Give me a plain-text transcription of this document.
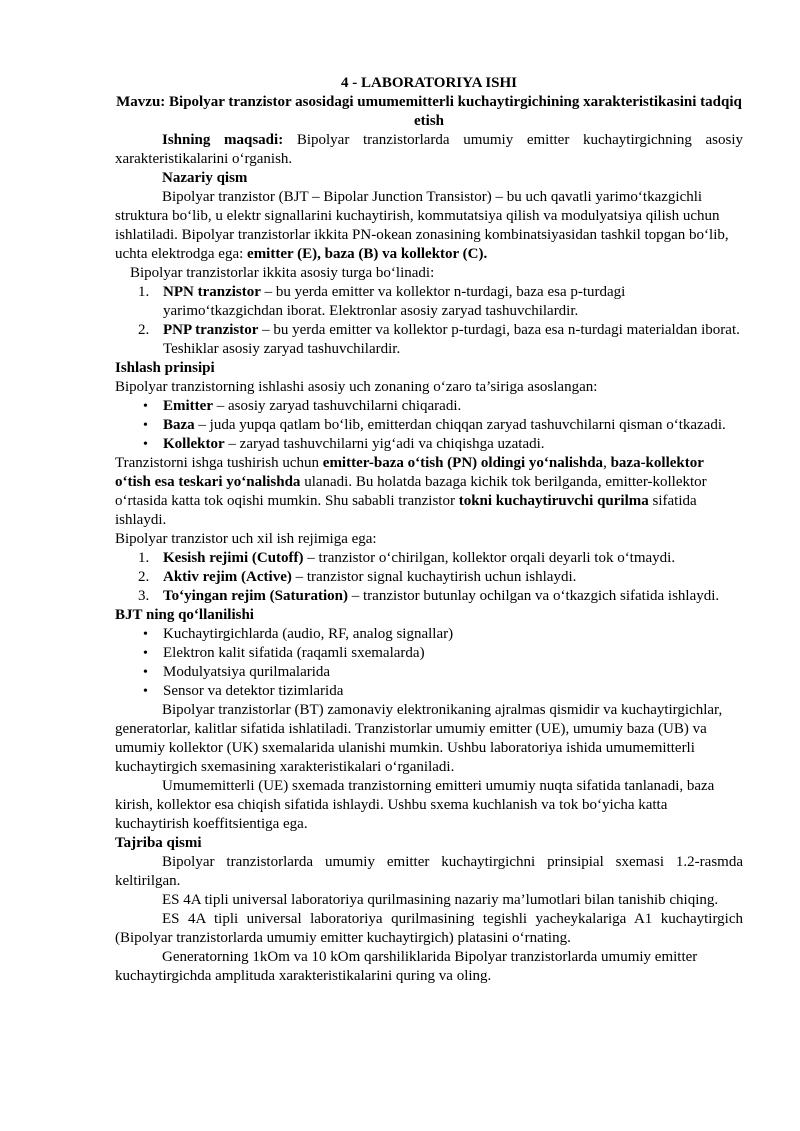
4 - LABORATORIYA ISHI

Mavzu: Bipolyar tranzistor asosidagi umumemitterli kuchaytirgichining xarakteristikasini tadqiq etish

Ishning maqsadi: Bipolyar tranzistorlarda umumiy emitter kuchaytirgichning asosiy xarakteristikalarini o‘rganish.

Nazariy qism

Bipolyar tranzistor (BJT – Bipolar Junction Transistor) – bu uch qavatli yarimo‘tkazgichli struktura bo‘lib, u elektr signallarini kuchaytirish, kommutatsiya qilish va modulyatsiya qilish uchun ishlatiladi. Bipolyar tranzistorlar ikkita PN-okean zonasining kombinatsiyasidan tashkil topgan bo‘lib, uchta elektrodga ega: emitter (E), baza (B) va kollektor (C).

Bipolyar tranzistorlar ikkita asosiy turga bo‘linadi:

1. NPN tranzistor – bu yerda emitter va kollektor n-turdagi, baza esa p-turdagi yarimo‘tkazgichdan iborat. Elektronlar asosiy zaryad tashuvchilardir.
2. PNP tranzistor – bu yerda emitter va kollektor p-turdagi, baza esa n-turdagi materialdan iborat. Teshiklar asosiy zaryad tashuvchilardir.

Ishlash prinsipi

Bipolyar tranzistorning ishlashi asosiy uch zonaning o‘zaro ta’siriga asoslangan:

• Emitter – asosiy zaryad tashuvchilarni chiqaradi.
• Baza – juda yupqa qatlam bo‘lib, emitterdan chiqqan zaryad tashuvchilarni qisman o‘tkazadi.
• Kollektor – zaryad tashuvchilarni yig‘adi va chiqishga uzatadi.

Tranzistorni ishga tushirish uchun emitter-baza o‘tish (PN) oldingi yo‘nalishda, baza-kollektor o‘tish esa teskari yo‘nalishda ulanadi. Bu holatda bazaga kichik tok berilganda, emitter-kollektor o‘rtasida katta tok oqishi mumkin. Shu sababli tranzistor tokni kuchaytiruvchi qurilma sifatida ishlaydi.

Bipolyar tranzistor uch xil ish rejimiga ega:

1. Kesish rejimi (Cutoff) – tranzistor o‘chirilgan, kollektor orqali deyarli tok o‘tmaydi.
2. Aktiv rejim (Active) – tranzistor signal kuchaytirish uchun ishlaydi.
3. To‘yingan rejim (Saturation) – tranzistor butunlay ochilgan va o‘tkazgich sifatida ishlaydi.

BJT ning qo‘llanilishi

• Kuchaytirgichlarda (audio, RF, analog signallar)
• Elektron kalit sifatida (raqamli sxemalarda)
• Modulyatsiya qurilmalarida
• Sensor va detektor tizimlarida

Bipolyar tranzistorlar (BT) zamonaviy elektronikaning ajralmas qismidir va kuchaytirgichlar, generatorlar, kalitlar sifatida ishlatiladi. Tranzistorlar umumiy emitter (UE), umumiy baza (UB) va umumiy kollektor (UK) sxemalarida ulanishi mumkin. Ushbu laboratoriya ishida umumemitterli kuchaytirgich sxemasining xarakteristikalari o‘rganiladi.

Umumemitterli (UE) sxemada tranzistorning emitteri umumiy nuqta sifatida tanlanadi, baza kirish, kollektor esa chiqish sifatida ishlaydi. Ushbu sxema kuchlanish va tok bo‘yicha katta kuchaytirish koeffitsientiga ega.

Tajriba qismi

Bipolyar tranzistorlarda umumiy emitter kuchaytirgichni prinsipial sxemasi 1.2-rasmda keltirilgan.

ES 4A tipli universal laboratoriya qurilmasining nazariy ma’lumotlari bilan tanishib chiqing.

ES 4A tipli universal laboratoriya qurilmasining tegishli yacheykalariga A1 kuchaytirgich (Bipolyar tranzistorlarda umumiy emitter kuchaytirgich) platasini o‘rnating.

Generatorning 1kOm va 10 kOm qarshiliklarida Bipolyar tranzistorlarda umumiy emitter kuchaytirgichda amplituda xarakteristikalarini quring va oling.
